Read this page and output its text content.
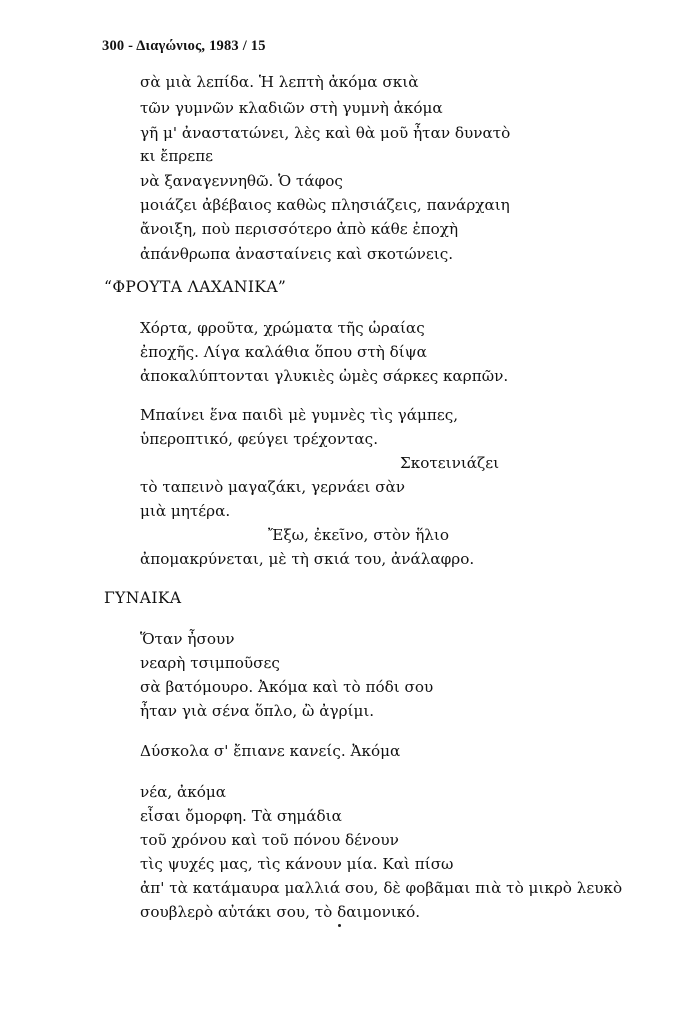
300 - Διαγώνιος, 1983 / 15
σὰ μιὰ λεπίδα. Ἡ λεπτὴ ἀκόμα σκιὰ
τῶν γυμνῶν κλαδιῶν στὴ γυμνὴ ἀκόμα
γῆ μ' ἀναστατώνει, λὲς καὶ θὰ μοῦ ἦταν δυνατὸ
κι ἔπρεπε
νὰ ξαναγεννηθῶ. Ὁ τάφος
μοιάζει ἀβέβαιος καθὼς πλησιάζεις, πανάρχαιη
ἄνοιξη, ποὺ περισσότερο ἀπὸ κάθε ἐποχὴ
ἀπάνθρωπα ἀνασταίνεις καὶ σκοτώνεις.
“ΦΡΟΥΤΑ ΛΑΧΑΝΙΚΑ”
Χόρτα, φροῦτα, χρώματα τῆς ὡραίας
ἐποχῆς. Λίγα καλάθια ὅπου στὴ δίψα
ἀποκαλύπτονται γλυκιὲς ὠμὲς σάρκες καρπῶν.
Μπαίνει ἕνα παιδὶ μὲ γυμνὲς τὶς γάμπες,
ὑπεροπτικό, φεύγει τρέχοντας.
Σκοτεινιάζει
τὸ ταπεινὸ μαγαζάκι, γερνάει σὰν
μιὰ μητέρα.
Ἔξω, ἐκεῖνο, στὸν ἥλιο
ἀπομακρύνεται, μὲ τὴ σκιά του, ἀνάλαφρο.
ΓΥΝΑΙΚΑ
Ὅταν ἦσουν
νεαρὴ τσιμποῦσες
σὰ βατόμουρο. Ἀκόμα καὶ τὸ πόδι σου
ἦταν γιὰ σένα ὅπλο, ὢ ἀγρίμι.
Δύσκολα σ' ἔπιανε κανείς. Ἀκόμα
νέα, ἀκόμα
εἶσαι ὄμορφη. Τὰ σημάδια
τοῦ χρόνου καὶ τοῦ πόνου δένουν
τὶς ψυχές μας, τὶς κάνουν μία. Καὶ πίσω
ἀπ' τὰ κατάμαυρα μαλλιά σου, δὲ φοβᾶμαι πιὰ τὸ μικρὸ λευκὸ
σουβλερὸ αὐτάκι σου, τὸ δαιμονικό.
